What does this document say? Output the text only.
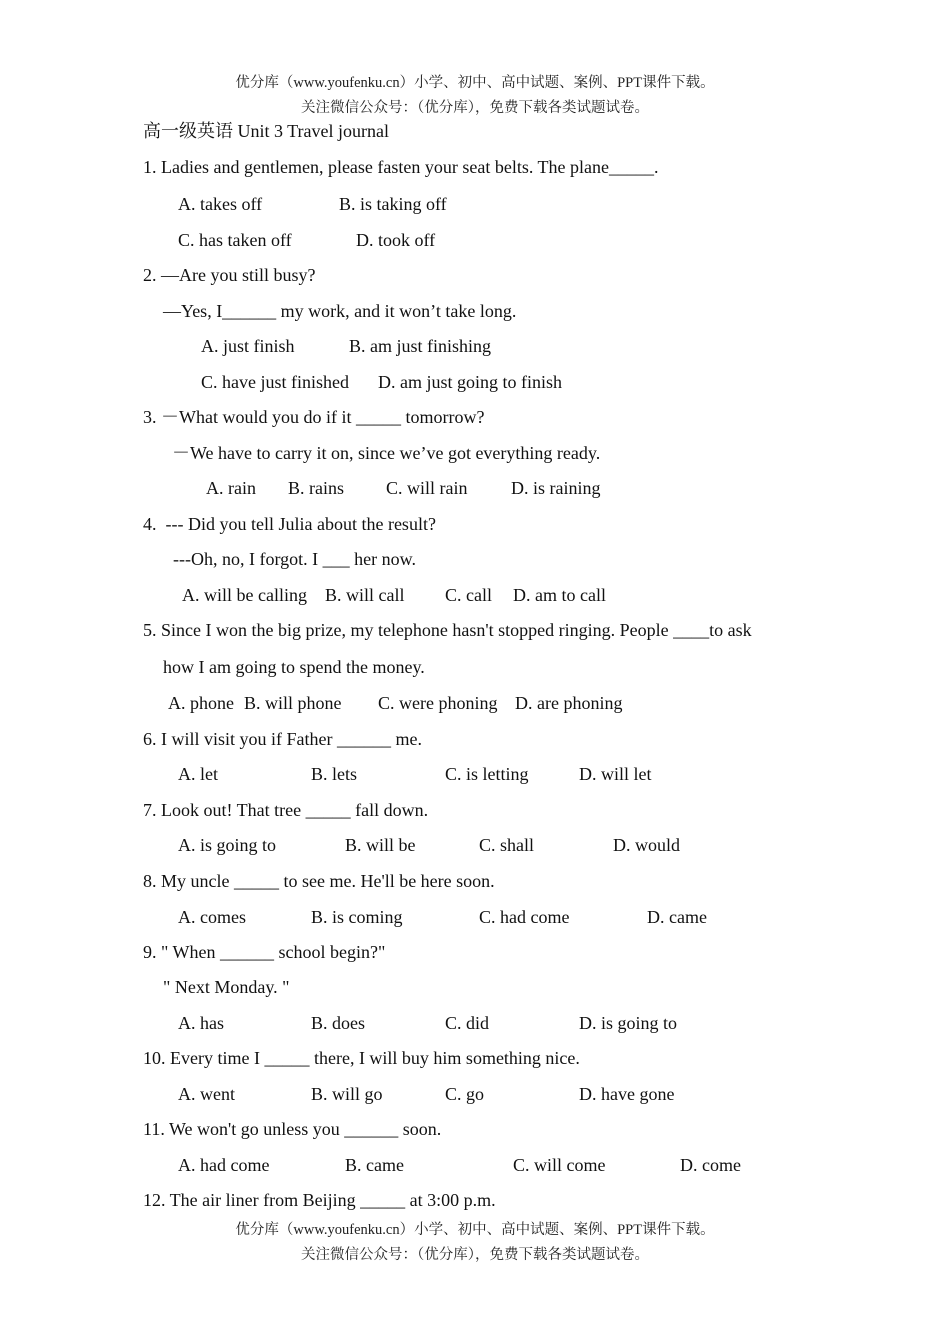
优分库（www.youfenku.cn）小学、初中、高中试题、案例、PPT课件下载。
关注微信公众号：（优分库），免费下载各类试题试卷。
高一级英语 Unit 3 Travel journal
1. Ladies and gentlemen, please fasten your seat belts. The plane_____.
A. takes off	B. is taking off
C. has taken off	D. took off
2. —Are you still busy?
—Yes, I______ my work, and it won’t take long.
A. just finish	B. am just finishing
C. have just finished D. am just going to finish
3. －What would you do if it _____ tomorrow?
－We have to carry it on, since we’ve got everything ready.
A. rain B. rains C. will rain D. is raining
4.  --- Did you tell Julia about the result?
---Oh, no, I forgot. I ___ her now.
A. will be calling B. will call C. call D. am to call
5. Since I won the big prize, my telephone hasn't stopped ringing. People ____to ask
how I am going to spend the money.
A. phone B. will phone C. were phoning D. are phoning
6. I will visit you if Father ______ me.
A. let	B. lets	C. is letting	D. will let
7. Look out! That tree _____ fall down.
A. is going to	B. will be	C. shall	D. would
8. My uncle _____ to see me. He'll be here soon.
A. comes	B. is coming	C. had come	D. came
9. " When ______ school begin?"
" Next Monday. "
A. has	B. does	C. did	D. is going to
10. Every time I _____ there, I will buy him something nice.
A. went	B. will go	C. go	D. have gone
11. We won't go unless you ______ soon.
A. had come	B. came	C. will come	D. come
12. The air liner from Beijing _____ at 3:00 p.m.
优分库（www.youfenku.cn）小学、初中、高中试题、案例、PPT课件下载。
关注微信公众号：（优分库），免费下载各类试题试卷。
